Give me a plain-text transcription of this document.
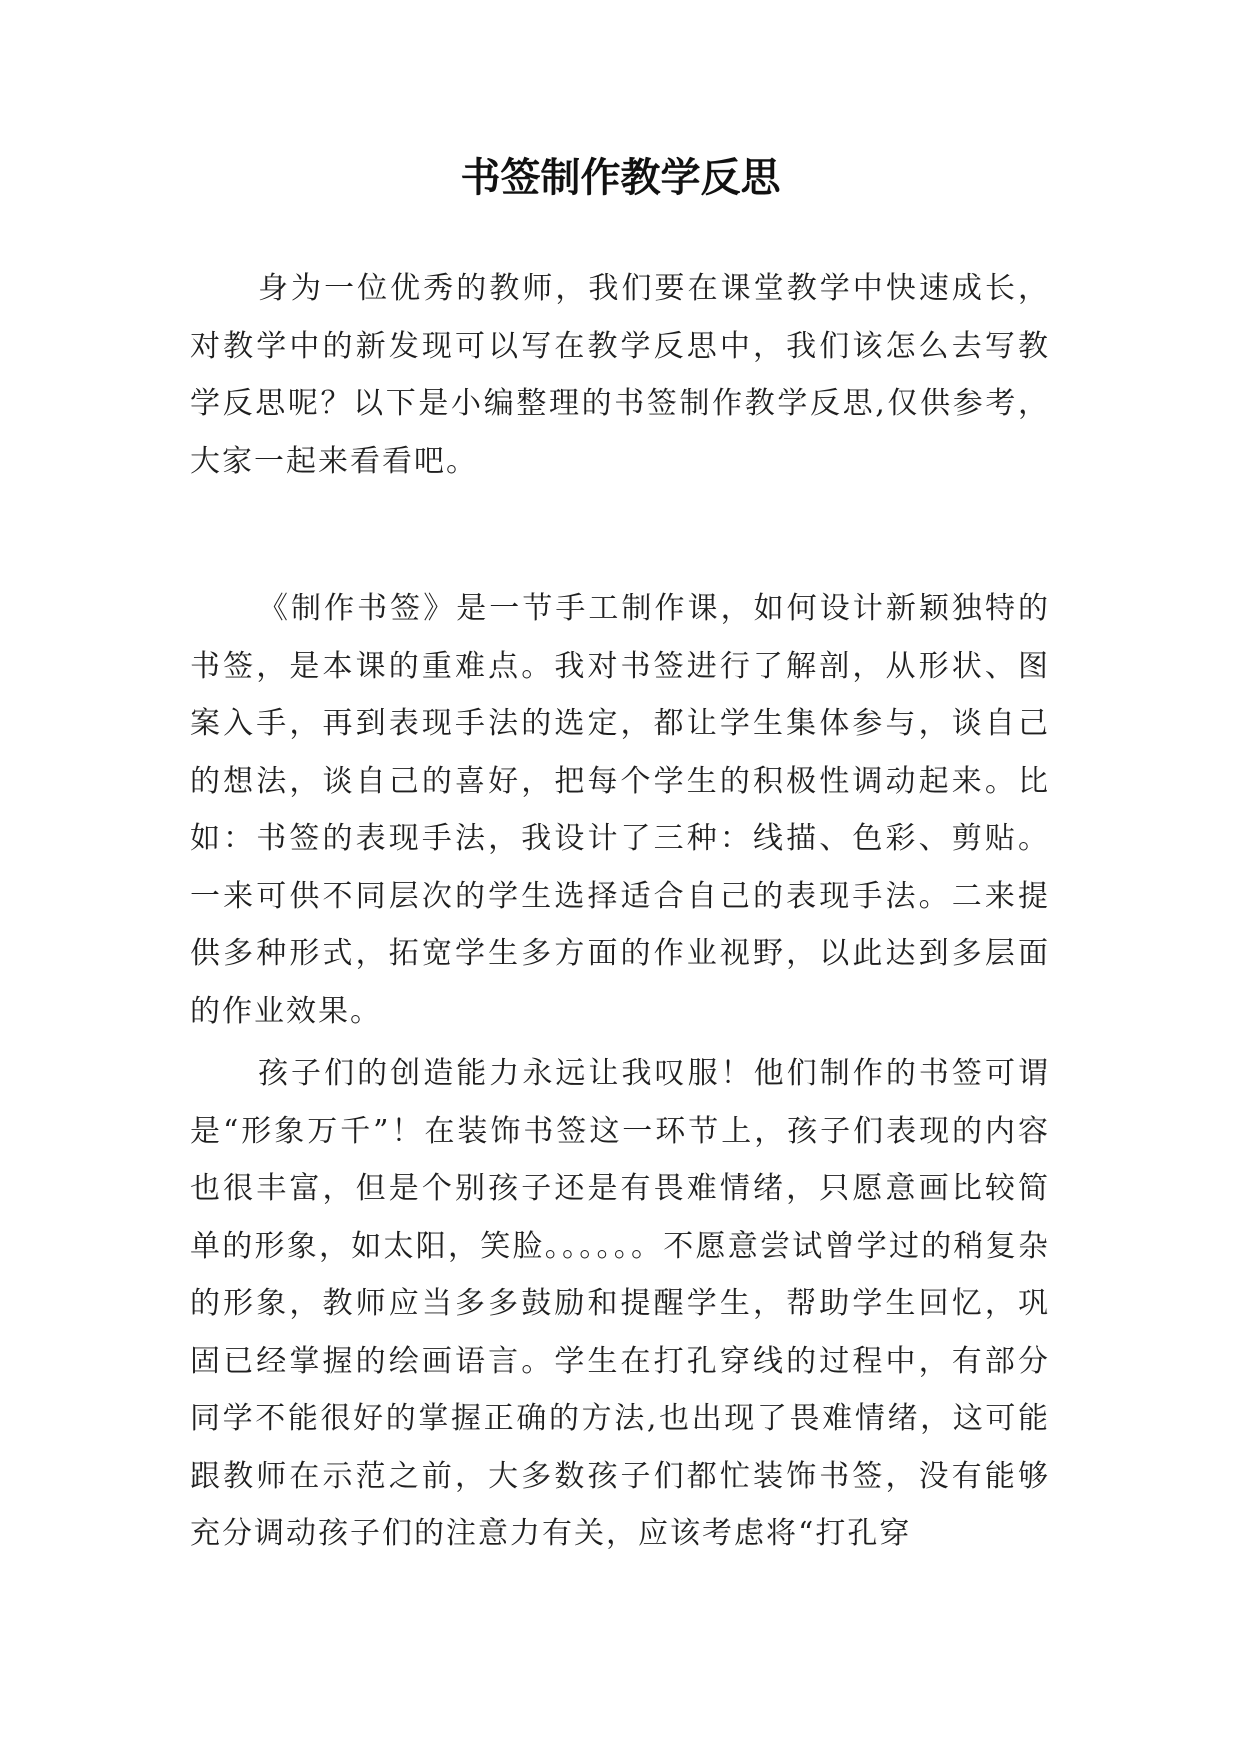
书签制作教学反思

身为一位优秀的教师，我们要在课堂教学中快速成长，对教学中的新发现可以写在教学反思中，我们该怎么去写教学反思呢？以下是小编整理的书签制作教学反思,仅供参考，大家一起来看看吧。

《制作书签》是一节手工制作课，如何设计新颖独特的书签，是本课的重难点。我对书签进行了解剖，从形状、图案入手，再到表现手法的选定，都让学生集体参与，谈自己的想法，谈自己的喜好，把每个学生的积极性调动起来。比如：书签的表现手法，我设计了三种：线描、色彩、剪贴。一来可供不同层次的学生选择适合自己的表现手法。二来提供多种形式，拓宽学生多方面的作业视野，以此达到多层面的作业效果。

孩子们的创造能力永远让我叹服！他们制作的书签可谓是“形象万千”！在装饰书签这一环节上，孩子们表现的内容也很丰富，但是个别孩子还是有畏难情绪，只愿意画比较简单的形象，如太阳，笑脸。。。。。。不愿意尝试曾学过的稍复杂的形象，教师应当多多鼓励和提醒学生，帮助学生回忆，巩固已经掌握的绘画语言。学生在打孔穿线的过程中，有部分同学不能很好的掌握正确的方法,也出现了畏难情绪，这可能跟教师在示范之前，大多数孩子们都忙装饰书签，没有能够充分调动孩子们的注意力有关，应该考虑将“打孔穿
